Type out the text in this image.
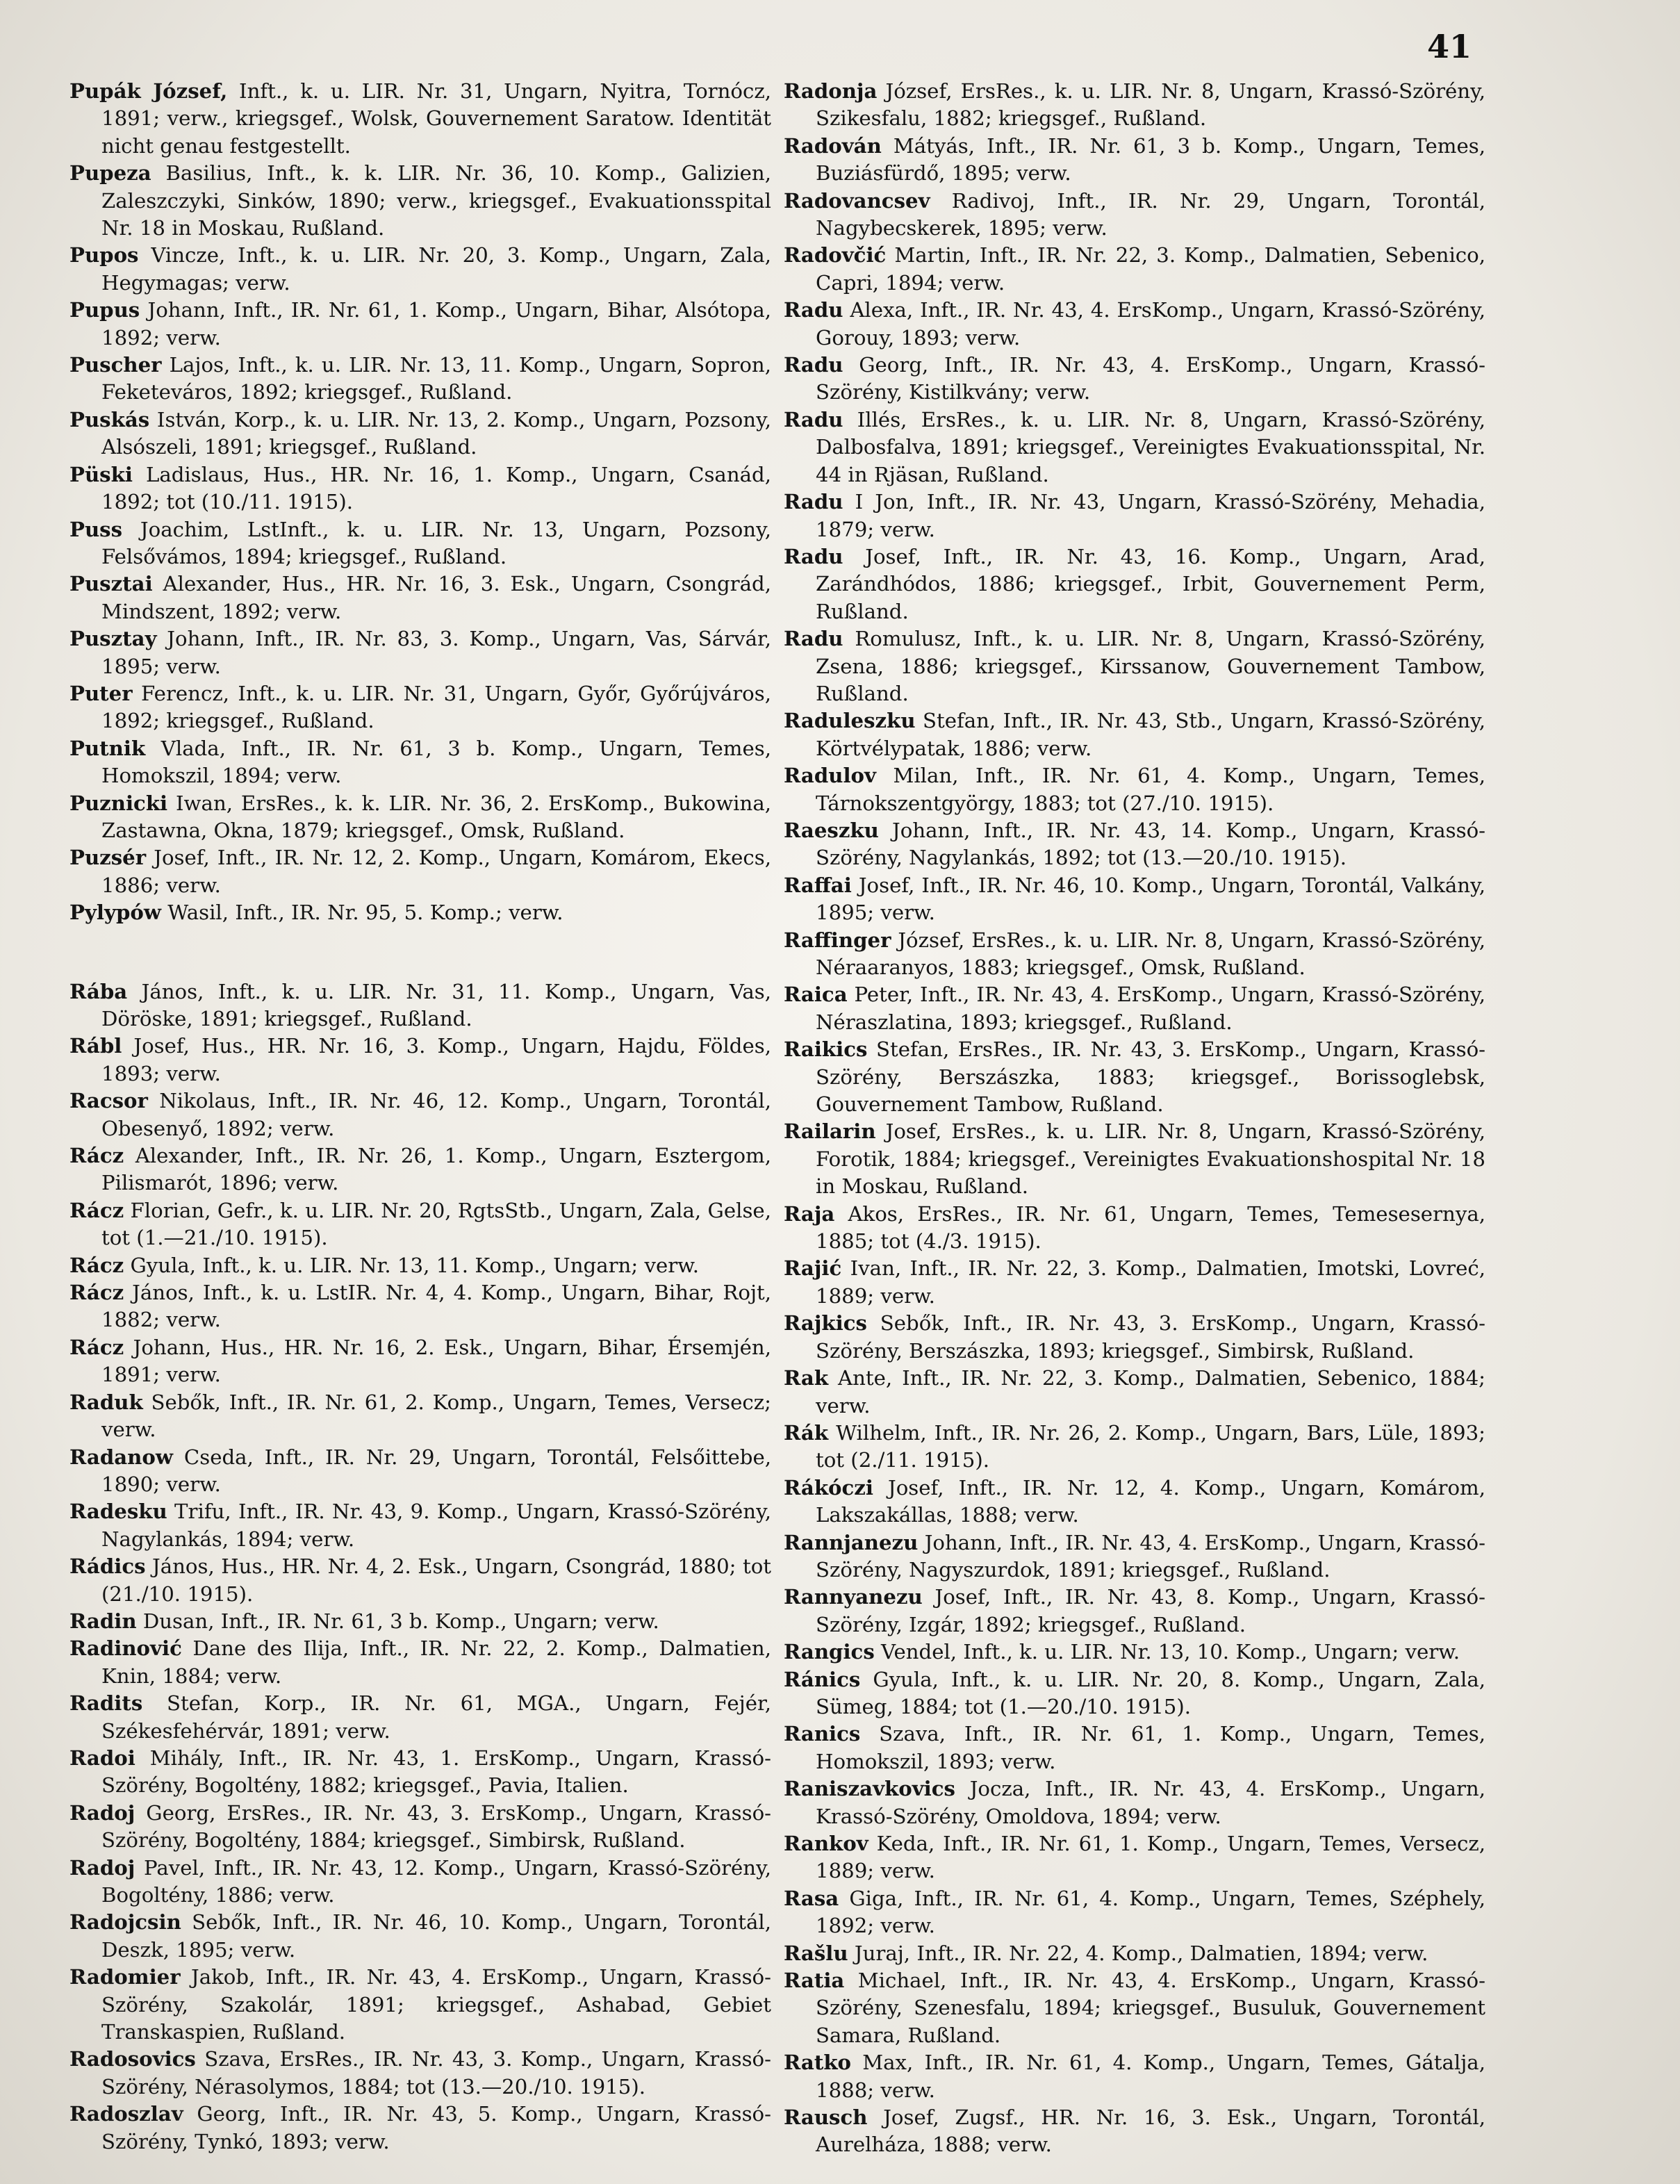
41
Pupák József, Inft., k. u. LIR. Nr. 31, Ungarn, Nyitra, Tornócz, 1891; verw., kriegsgef., Wolsk, Gouvernement Saratow. Identität nicht genau festgestellt.
Pupeza Basilius, Inft., k. k. LIR. Nr. 36, 10. Komp., Galizien, Zaleszczyki, Sinków, 1890; verw., kriegsgef., Evakuationsspital Nr. 18 in Moskau, Rußland.
Pupos Vincze, Inft., k. u. LIR. Nr. 20, 3. Komp., Ungarn, Zala, Hegymagas; verw.
Pupus Johann, Inft., IR. Nr. 61, 1. Komp., Ungarn, Bihar, Alsótopa, 1892; verw.
Puscher Lajos, Inft., k. u. LIR. Nr. 13, 11. Komp., Ungarn, Sopron, Feketeváros, 1892; kriegsgef., Rußland.
Puskás István, Korp., k. u. LIR. Nr. 13, 2. Komp., Ungarn, Pozsony, Alsószeli, 1891; kriegsgef., Rußland.
Püski Ladislaus, Hus., HR. Nr. 16, 1. Komp., Ungarn, Csanád, 1892; tot (10./11. 1915).
Puss Joachim, LstInft., k. u. LIR. Nr. 13, Ungarn, Pozsony, Felsővámos, 1894; kriegsgef., Rußland.
Pusztai Alexander, Hus., HR. Nr. 16, 3. Esk., Ungarn, Csongrád, Mindszent, 1892; verw.
Pusztay Johann, Inft., IR. Nr. 83, 3. Komp., Ungarn, Vas, Sárvár, 1895; verw.
Puter Ferencz, Inft., k. u. LIR. Nr. 31, Ungarn, Győr, Győrújváros, 1892; kriegsgef., Rußland.
Putnik Vlada, Inft., IR. Nr. 61, 3 b. Komp., Ungarn, Temes, Homokszil, 1894; verw.
Puznicki Iwan, ErsRes., k. k. LIR. Nr. 36, 2. ErsKomp., Bukowina, Zastawna, Okna, 1879; kriegsgef., Omsk, Rußland.
Puzsér Josef, Inft., IR. Nr. 12, 2. Komp., Ungarn, Komárom, Ekecs, 1886; verw.
Pylypów Wasil, Inft., IR. Nr. 95, 5. Komp.; verw.
Rába János, Inft., k. u. LIR. Nr. 31, 11. Komp., Ungarn, Vas, Döröske, 1891; kriegsgef., Rußland.
Rábl Josef, Hus., HR. Nr. 16, 3. Komp., Ungarn, Hajdu, Földes, 1893; verw.
Racsor Nikolaus, Inft., IR. Nr. 46, 12. Komp., Ungarn, Torontál, Obesenyő, 1892; verw.
Rácz Alexander, Inft., IR. Nr. 26, 1. Komp., Ungarn, Esztergom, Pilismarót, 1896; verw.
Rácz Florian, Gefr., k. u. LIR. Nr. 20, RgtsStb., Ungarn, Zala, Gelse, tot (1.—21./10. 1915).
Rácz Gyula, Inft., k. u. LIR. Nr. 13, 11. Komp., Ungarn; verw.
Rácz János, Inft., k. u. LstIR. Nr. 4, 4. Komp., Ungarn, Bihar, Rojt, 1882; verw.
Rácz Johann, Hus., HR. Nr. 16, 2. Esk., Ungarn, Bihar, Érsemjén, 1891; verw.
Raduk Sebők, Inft., IR. Nr. 61, 2. Komp., Ungarn, Temes, Versecz; verw.
Radanow Cseda, Inft., IR. Nr. 29, Ungarn, Torontál, Felsőittebe, 1890; verw.
Radesku Trifu, Inft., IR. Nr. 43, 9. Komp., Ungarn, Krassó-Szörény, Nagylankás, 1894; verw.
Rádics János, Hus., HR. Nr. 4, 2. Esk., Ungarn, Csongrád, 1880; tot (21./10. 1915).
Radin Dusan, Inft., IR. Nr. 61, 3 b. Komp., Ungarn; verw.
Radinović Dane des Ilija, Inft., IR. Nr. 22, 2. Komp., Dalmatien, Knin, 1884; verw.
Radits Stefan, Korp., IR. Nr. 61, MGA., Ungarn, Fejér, Székesfehérvár, 1891; verw.
Radoi Mihály, Inft., IR. Nr. 43, 1. ErsKomp., Ungarn, Krassó-Szörény, Bogoltény, 1882; kriegsgef., Pavia, Italien.
Radoj Georg, ErsRes., IR. Nr. 43, 3. ErsKomp., Ungarn, Krassó-Szörény, Bogoltény, 1884; kriegsgef., Simbirsk, Rußland.
Radoj Pavel, Inft., IR. Nr. 43, 12. Komp., Ungarn, Krassó-Szörény, Bogoltény, 1886; verw.
Radojcsin Sebők, Inft., IR. Nr. 46, 10. Komp., Ungarn, Torontál, Deszk, 1895; verw.
Radomier Jakob, Inft., IR. Nr. 43, 4. ErsKomp., Ungarn, Krassó-Szörény, Szakolár, 1891; kriegsgef., Ashabad, Gebiet Transkaspien, Rußland.
Radosovics Szava, ErsRes., IR. Nr. 43, 3. Komp., Ungarn, Krassó-Szörény, Nérasolymos, 1884; tot (13.—20./10. 1915).
Radoszlav Georg, Inft., IR. Nr. 43, 5. Komp., Ungarn, Krassó-Szörény, Tynkó, 1893; verw.
Radonja József, ErsRes., k. u. LIR. Nr. 8, Ungarn, Krassó-Szörény, Szikesfalu, 1882; kriegsgef., Rußland.
Radován Mátyás, Inft., IR. Nr. 61, 3 b. Komp., Ungarn, Temes, Buziásfürdő, 1895; verw.
Radovancsev Radivoj, Inft., IR. Nr. 29, Ungarn, Torontál, Nagybecskerek, 1895; verw.
Radovčić Martin, Inft., IR. Nr. 22, 3. Komp., Dalmatien, Sebenico, Capri, 1894; verw.
Radu Alexa, Inft., IR. Nr. 43, 4. ErsKomp., Ungarn, Krassó-Szörény, Gorouy, 1893; verw.
Radu Georg, Inft., IR. Nr. 43, 4. ErsKomp., Ungarn, Krassó-Szörény, Kistilkvány; verw.
Radu Illés, ErsRes., k. u. LIR. Nr. 8, Ungarn, Krassó-Szörény, Dalbosfalva, 1891; kriegsgef., Vereinigtes Evakuationsspital, Nr. 44 in Rjäsan, Rußland.
Radu I Jon, Inft., IR. Nr. 43, Ungarn, Krassó-Szörény, Mehadia, 1879; verw.
Radu Josef, Inft., IR. Nr. 43, 16. Komp., Ungarn, Arad, Zarándhódos, 1886; kriegsgef., Irbit, Gouvernement Perm, Rußland.
Radu Romulusz, Inft., k. u. LIR. Nr. 8, Ungarn, Krassó-Szörény, Zsena, 1886; kriegsgef., Kirssanow, Gouvernement Tambow, Rußland.
Raduleszku Stefan, Inft., IR. Nr. 43, Stb., Ungarn, Krassó-Szörény, Körtvélypatak, 1886; verw.
Radulov Milan, Inft., IR. Nr. 61, 4. Komp., Ungarn, Temes, Tárnokszentgyörgy, 1883; tot (27./10. 1915).
Raeszku Johann, Inft., IR. Nr. 43, 14. Komp., Ungarn, Krassó-Szörény, Nagylankás, 1892; tot (13.—20./10. 1915).
Raffai Josef, Inft., IR. Nr. 46, 10. Komp., Ungarn, Torontál, Valkány, 1895; verw.
Raffinger József, ErsRes., k. u. LIR. Nr. 8, Ungarn, Krassó-Szörény, Néraaranyos, 1883; kriegsgef., Omsk, Rußland.
Raica Peter, Inft., IR. Nr. 43, 4. ErsKomp., Ungarn, Krassó-Szörény, Néraszlatina, 1893; kriegsgef., Rußland.
Raikics Stefan, ErsRes., IR. Nr. 43, 3. ErsKomp., Ungarn, Krassó-Szörény, Berszászka, 1883; kriegsgef., Borissoglebsk, Gouvernement Tambow, Rußland.
Railarin Josef, ErsRes., k. u. LIR. Nr. 8, Ungarn, Krassó-Szörény, Forotik, 1884; kriegsgef., Vereinigtes Evakuationshospital Nr. 18 in Moskau, Rußland.
Raja Akos, ErsRes., IR. Nr. 61, Ungarn, Temes, Temesesernya, 1885; tot (4./3. 1915).
Rajić Ivan, Inft., IR. Nr. 22, 3. Komp., Dalmatien, Imotski, Lovreć, 1889; verw.
Rajkics Sebők, Inft., IR. Nr. 43, 3. ErsKomp., Ungarn, Krassó-Szörény, Berszászka, 1893; kriegsgef., Simbirsk, Rußland.
Rak Ante, Inft., IR. Nr. 22, 3. Komp., Dalmatien, Sebenico, 1884; verw.
Rák Wilhelm, Inft., IR. Nr. 26, 2. Komp., Ungarn, Bars, Lüle, 1893; tot (2./11. 1915).
Rákóczi Josef, Inft., IR. Nr. 12, 4. Komp., Ungarn, Komárom, Lakszakállas, 1888; verw.
Rannjanezu Johann, Inft., IR. Nr. 43, 4. ErsKomp., Ungarn, Krassó-Szörény, Nagyszurdok, 1891; kriegsgef., Rußland.
Rannyanezu Josef, Inft., IR. Nr. 43, 8. Komp., Ungarn, Krassó-Szörény, Izgár, 1892; kriegsgef., Rußland.
Rangics Vendel, Inft., k. u. LIR. Nr. 13, 10. Komp., Ungarn; verw.
Ránics Gyula, Inft., k. u. LIR. Nr. 20, 8. Komp., Ungarn, Zala, Sümeg, 1884; tot (1.—20./10. 1915).
Ranics Szava, Inft., IR. Nr. 61, 1. Komp., Ungarn, Temes, Homokszil, 1893; verw.
Raniszavkovics Jocza, Inft., IR. Nr. 43, 4. ErsKomp., Ungarn, Krassó-Szörény, Omoldova, 1894; verw.
Rankov Keda, Inft., IR. Nr. 61, 1. Komp., Ungarn, Temes, Versecz, 1889; verw.
Rasa Giga, Inft., IR. Nr. 61, 4. Komp., Ungarn, Temes, Széphely, 1892; verw.
Rašlu Juraj, Inft., IR. Nr. 22, 4. Komp., Dalmatien, 1894; verw.
Ratia Michael, Inft., IR. Nr. 43, 4. ErsKomp., Ungarn, Krassó-Szörény, Szenesfalu, 1894; kriegsgef., Busuluk, Gouvernement Samara, Rußland.
Ratko Max, Inft., IR. Nr. 61, 4. Komp., Ungarn, Temes, Gátalja, 1888; verw.
Rausch Josef, Zugsf., HR. Nr. 16, 3. Esk., Ungarn, Torontál, Aurelháza, 1888; verw.
